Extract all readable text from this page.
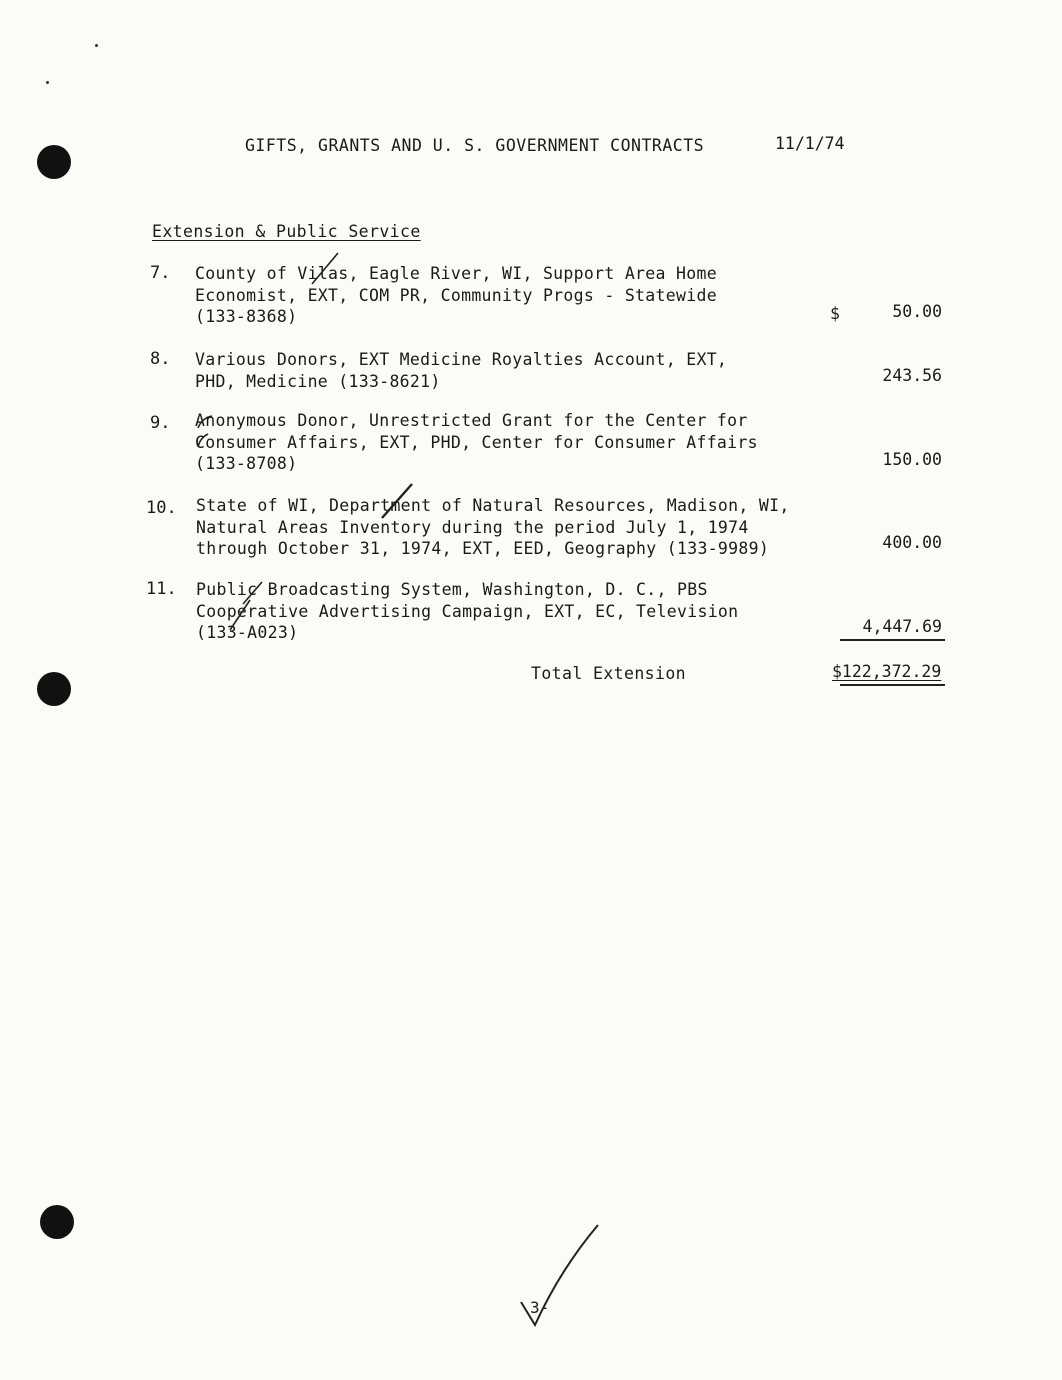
GIFTS, GRANTS AND U. S. GOVERNMENT CONTRACTS	11/1/74
Extension & Public Service
7. County of Vilas, Eagle River, WI, Support Area Home
Economist, EXT, COM PR, Community Progs - Statewide
(133-8368)	$	50.00
8. Various Donors, EXT Medicine Royalties Account, EXT,
PHD, Medicine (133-8621)	243.56
9. Anonymous Donor, Unrestricted Grant for the Center for
Consumer Affairs, EXT, PHD, Center for Consumer Affairs
(133-8708)	150.00
10. State of WI, Department of Natural Resources, Madison, WI,
Natural Areas Inventory during the period July 1, 1974
through October 31, 1974, EXT, EED, Geography (133-9989)	400.00
11. Public Broadcasting System, Washington, D. C., PBS
Cooperative Advertising Campaign, EXT, EC, Television
(133-A023)	4,447.69
Total Extension	$122,372.29
3-
